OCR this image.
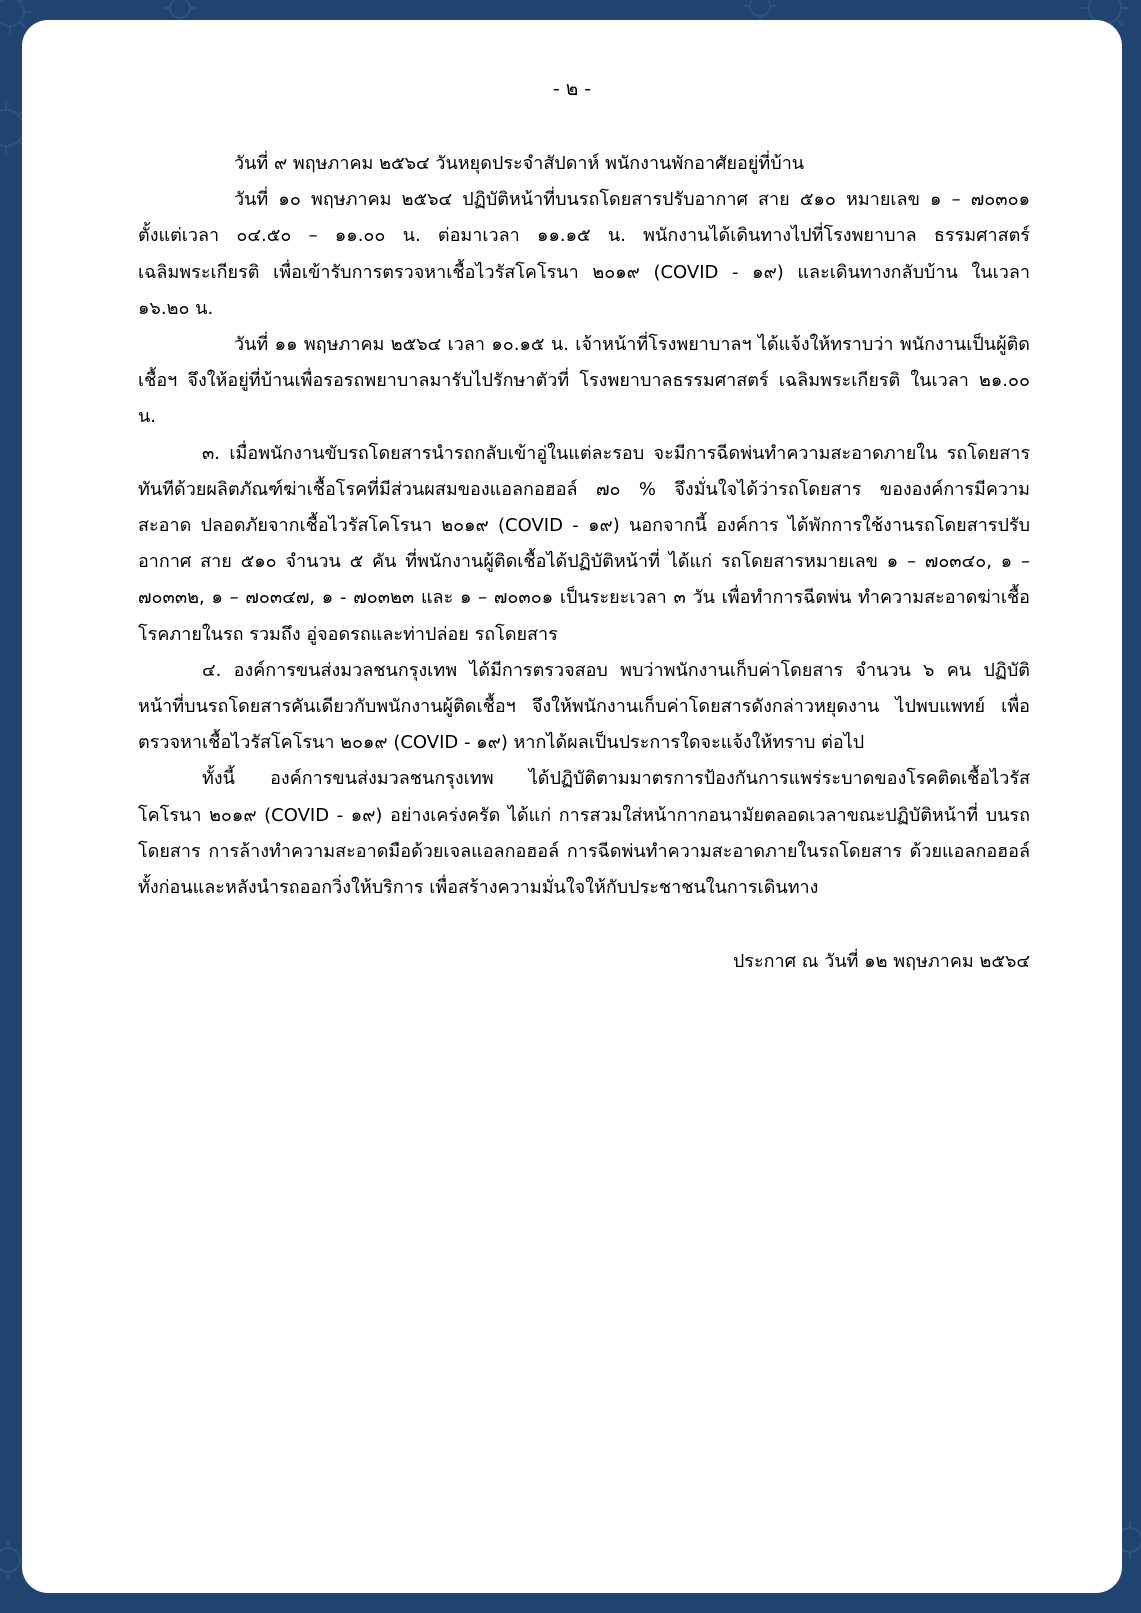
- ๒ -

วันที่ ๙ พฤษภาคม ๒๕๖๔ วันหยุดประจำสัปดาห์ พนักงานพักอาศัยอยู่ที่บ้าน

วันที่ ๑๐ พฤษภาคม ๒๕๖๔ ปฏิบัติหน้าที่บนรถโดยสารปรับอากาศ สาย ๕๑๐ หมายเลข ๑ – ๗๐๓๐๑ ตั้งแต่เวลา ๐๔.๕๐ – ๑๑.๐๐ น. ต่อมาเวลา ๑๑.๑๕ น. พนักงานได้เดินทางไปที่โรงพยาบาล ธรรมศาสตร์เฉลิมพระเกียรติ เพื่อเข้ารับการตรวจหาเชื้อไวรัสโคโรนา ๒๐๑๙ (COVID - ๑๙) และเดินทางกลับบ้าน ในเวลา ๑๖.๒๐ น.

วันที่ ๑๑ พฤษภาคม ๒๕๖๔ เวลา ๑๐.๑๕ น. เจ้าหน้าที่โรงพยาบาลฯ ได้แจ้งให้ทราบว่า พนักงานเป็นผู้ติดเชื้อฯ จึงให้อยู่ที่บ้านเพื่อรอรถพยาบาลมารับไปรักษาตัวที่ โรงพยาบาลธรรมศาสตร์ เฉลิมพระเกียรติ ในเวลา ๒๑.๐๐ น.

๓. เมื่อพนักงานขับรถโดยสารนำรถกลับเข้าอู่ในแต่ละรอบ จะมีการฉีดพ่นทำความสะอาดภายใน รถโดยสารทันทีด้วยผลิตภัณฑ์ฆ่าเชื้อโรคที่มีส่วนผสมของแอลกอฮอล์ ๗๐ % จึงมั่นใจได้ว่ารถโดยสาร ขององค์การมีความสะอาด ปลอดภัยจากเชื้อไวรัสโคโรนา ๒๐๑๙ (COVID - ๑๙) นอกจากนี้ องค์การ ได้พักการใช้งานรถโดยสารปรับอากาศ สาย ๕๑๐ จำนวน ๕ คัน ที่พนักงานผู้ติดเชื้อได้ปฏิบัติหน้าที่ ได้แก่ รถโดยสารหมายเลข ๑ – ๗๐๓๔๐, ๑ – ๗๐๓๓๒, ๑ – ๗๐๓๔๗, ๑ - ๗๐๓๒๓ และ ๑ – ๗๐๓๐๑ เป็นระยะเวลา ๓ วัน เพื่อทำการฉีดพ่น ทำความสะอาดฆ่าเชื้อโรคภายในรถ รวมถึง อู่จอดรถและท่าปล่อย รถโดยสาร

๔. องค์การขนส่งมวลชนกรุงเทพ ได้มีการตรวจสอบ พบว่าพนักงานเก็บค่าโดยสาร จำนวน ๖ คน ปฏิบัติหน้าที่บนรถโดยสารคันเดียวกับพนักงานผู้ติดเชื้อฯ จึงให้พนักงานเก็บค่าโดยสารดังกล่าวหยุดงาน ไปพบแพทย์ เพื่อตรวจหาเชื้อไวรัสโคโรนา ๒๐๑๙ (COVID - ๑๙) หากได้ผลเป็นประการใดจะแจ้งให้ทราบ ต่อไป

ทั้งนี้ องค์การขนส่งมวลชนกรุงเทพ ได้ปฏิบัติตามมาตรการป้องกันการแพร่ระบาดของโรคติดเชื้อไวรัส โคโรนา ๒๐๑๙ (COVID - ๑๙) อย่างเคร่งครัด ได้แก่ การสวมใส่หน้ากากอนามัยตลอดเวลาขณะปฏิบัติหน้าที่ บนรถโดยสาร การล้างทำความสะอาดมือด้วยเจลแอลกอฮอล์ การฉีดพ่นทำความสะอาดภายในรถโดยสาร ด้วยแอลกอฮอล์ ทั้งก่อนและหลังนำรถออกวิ่งให้บริการ เพื่อสร้างความมั่นใจให้กับประชาชนในการเดินทาง

ประกาศ ณ วันที่ ๑๒ พฤษภาคม ๒๕๖๔
